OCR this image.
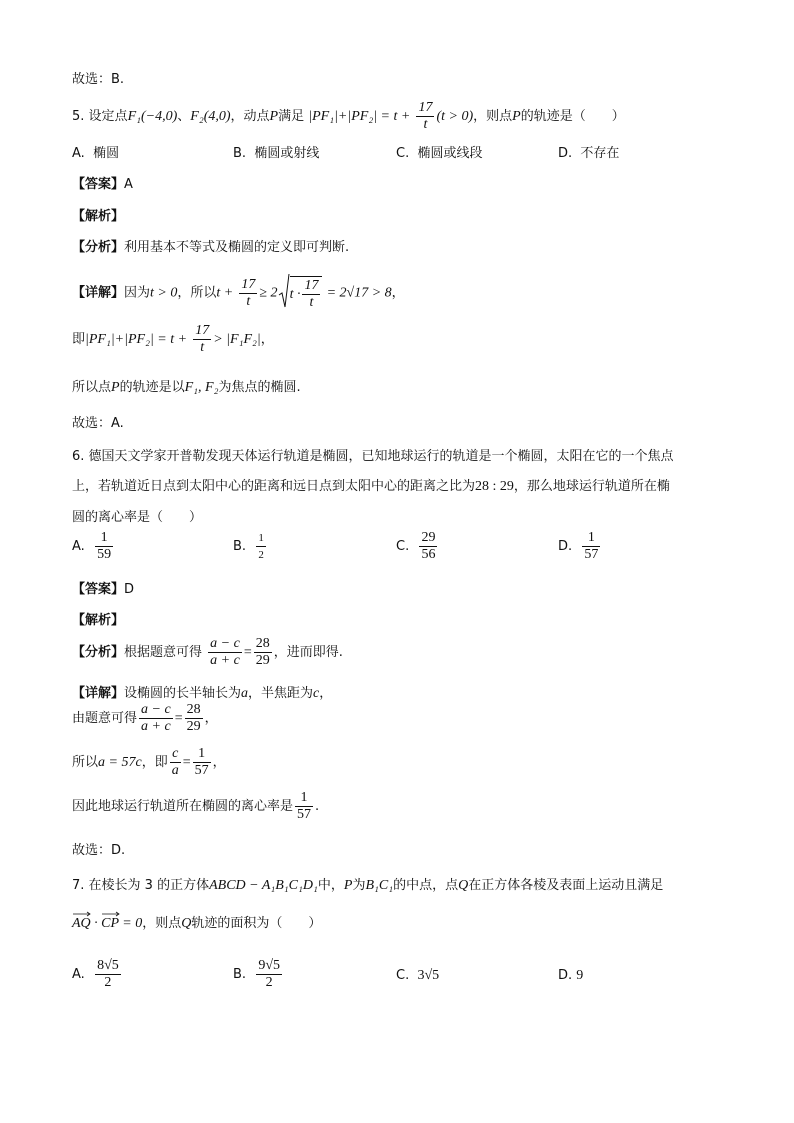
故选：B.
5. 设定点F₁(−4,0)、F₂(4,0)，动点P满足 $|PF_1|+|PF_2| = t + \frac{17}{t} (t > 0)$，则点P的轨迹是（　　）
A. 椭圆	B. 椭圆或射线	C. 椭圆或线段	D. 不存在
【答案】A
【解析】
【分析】利用基本不等式及椭圆的定义即可判断.
【详解】因为t > 0，所以$t + \frac{17}{t} \ge 2$ $t \cdot \frac{17}{t} = 2√17 > 8$，
即$|PF_1|+|PF_2| = t + \frac{17}{t} > |F_1F_2|$，
所以点P的轨迹是以F₁, F₂为焦点的椭圆.
故选：A.
6. 德国天文学家开普勒发现天体运行轨道是椭圆，已知地球运行的轨道是一个椭圆，太阳在它的一个焦点
上，若轨道近日点到太阳中心的距离和远日点到太阳中心的距离之比为28 : 29，那么地球运行轨道所在椭
圆的离心率是（　　）
A. $\frac{1}{59}$	B. $\frac{1}{2}$	C. $\frac{29}{56}$	D. $\frac{1}{57}$
【答案】D
【解析】
【分析】根据题意可得 $\frac{a - c}{a + c} = \frac{28}{29}$ ，进而即得.
【详解】设椭圆的长半轴长为a，半焦距为c，
由题意可得 $\frac{a - c}{a + c} = \frac{28}{29}$ ，
所以a = 57c，即 $\frac{c}{a} = \frac{1}{57}$ ，
因此地球运行轨道所在椭圆的离心率是 $\frac{1}{57}$ .
故选：D.
7. 在棱长为 3 的正方体ABCD − A₁B₁C₁D₁中，P为B₁C₁的中点，点Q在正方体各棱及表面上运动且满足
AQ · CP = 0，则点Q轨迹的面积为（　　）
A. $\frac{8√5}{2}$	B. $\frac{9√5}{2}$	C. 3√5	D. 9
